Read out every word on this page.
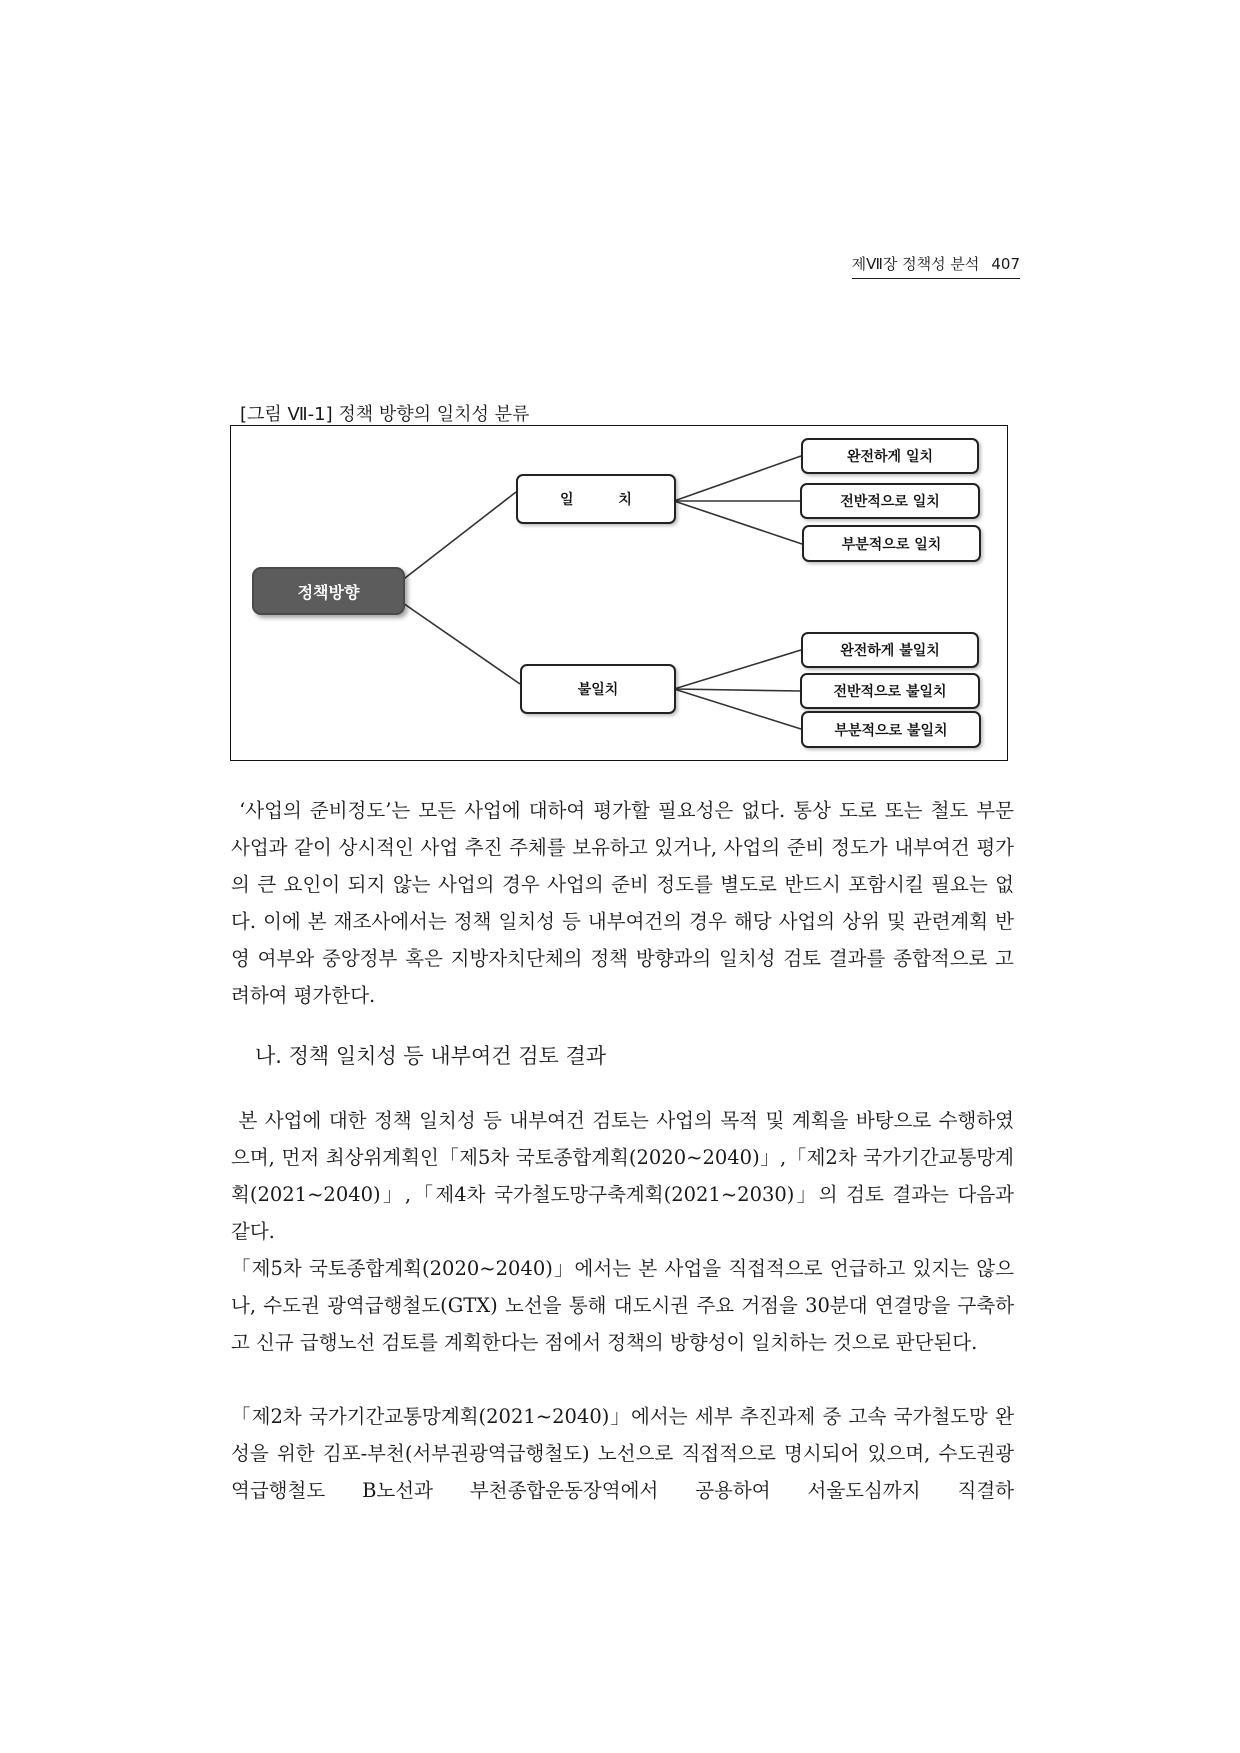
제Ⅶ장 정책성 분석 407
[그림 Ⅶ-1] 정책 방향의 일치성 분류
정책방향
일 치
불일치
완전하게 일치
전반적으로 일치
부분적으로 일치
완전하게 불일치
전반적으로 불일치
부분적으로 불일치

‘사업의 준비정도’는 모든 사업에 대하여 평가할 필요성은 없다. 통상 도로 또는 철도 부문 사업과 같이 상시적인 사업 추진 주체를 보유하고 있거나, 사업의 준비 정도가 내부여건 평가의 큰 요인이 되지 않는 사업의 경우 사업의 준비 정도를 별도로 반드시 포함시킬 필요는 없다. 이에 본 재조사에서는 정책 일치성 등 내부여건의 경우 해당 사업의 상위 및 관련계획 반영 여부와 중앙정부 혹은 지방자치단체의 정책 방향과의 일치성 검토 결과를 종합적으로 고려하여 평가한다.

나. 정책 일치성 등 내부여건 검토 결과

본 사업에 대한 정책 일치성 등 내부여건 검토는 사업의 목적 및 계획을 바탕으로 수행하였으며, 먼저 최상위계획인「제5차 국토종합계획(2020~2040)」,「제2차 국가기간교통망계획(2021~2040)」,「제4차 국가철도망구축계획(2021~2030)」의 검토 결과는 다음과 같다.

「제5차 국토종합계획(2020~2040)」에서는 본 사업을 직접적으로 언급하고 있지는 않으나, 수도권 광역급행철도(GTX) 노선을 통해 대도시권 주요 거점을 30분대 연결망을 구축하고 신규 급행노선 검토를 계획한다는 점에서 정책의 방향성이 일치하는 것으로 판단된다.

「제2차 국가기간교통망계획(2021~2040)」에서는 세부 추진과제 중 고속 국가철도망 완성을 위한 김포-부천(서부권광역급행철도) 노선으로 직접적으로 명시되어 있으며, 수도권광역급행철도 B노선과 부천종합운동장역에서 공용하여 서울도심까지 직결하
